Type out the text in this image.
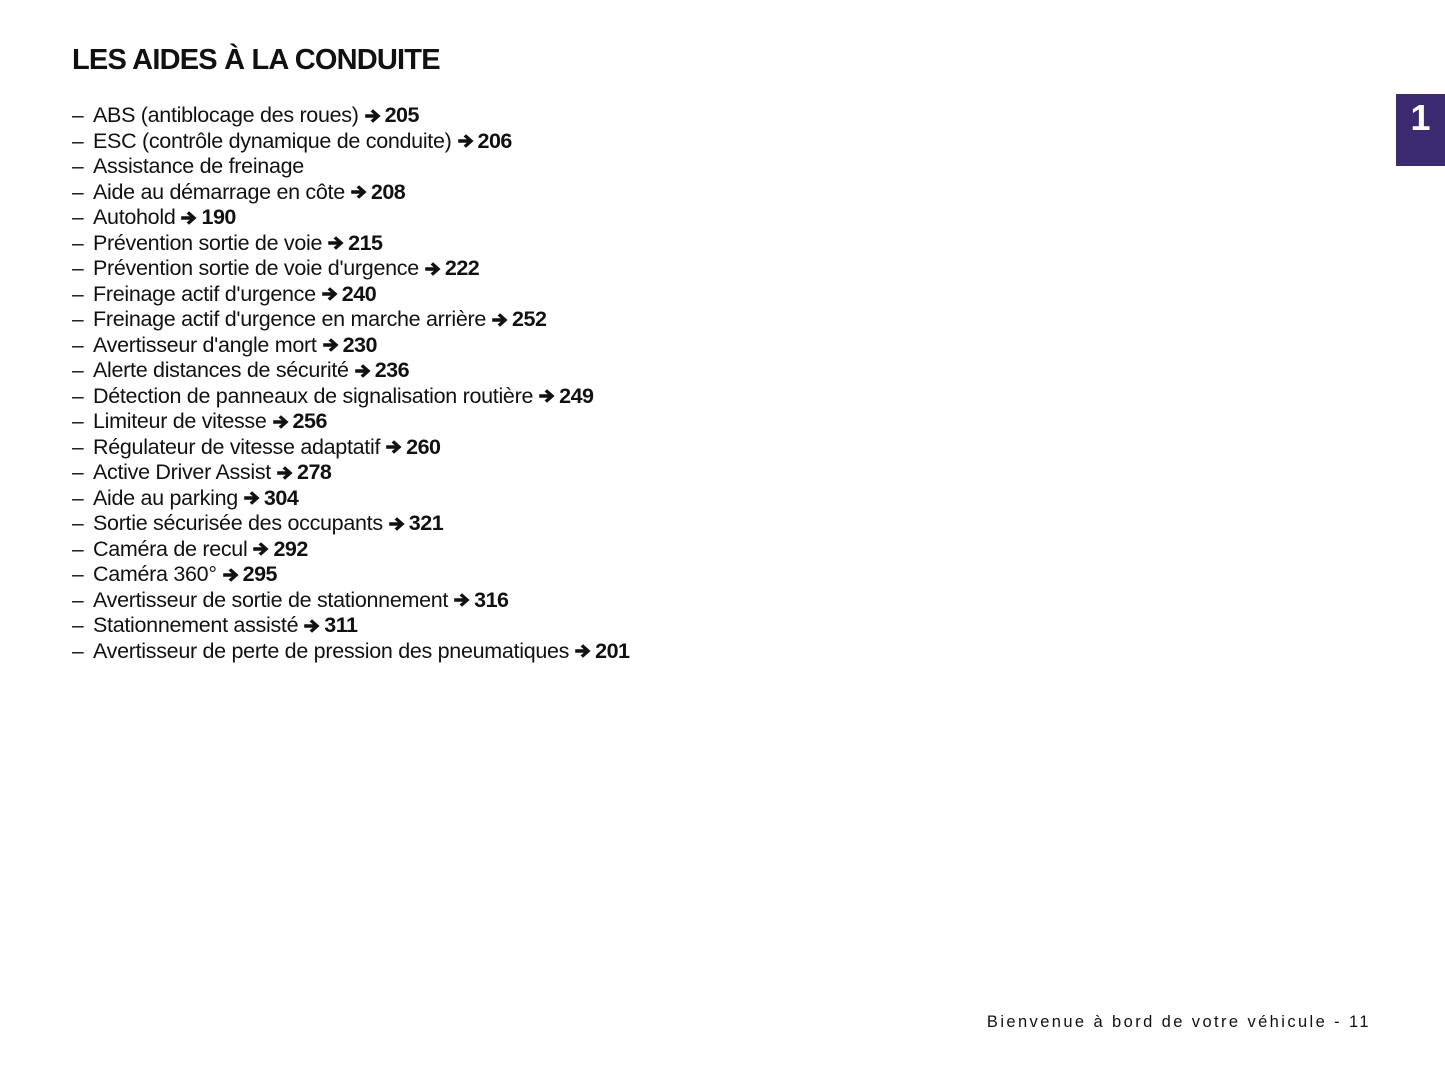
LES AIDES À LA CONDUITE
– ABS (antiblocage des roues) 205
– ESC (contrôle dynamique de conduite) 206
– Assistance de freinage
– Aide au démarrage en côte 208
– Autohold 190
– Prévention sortie de voie 215
– Prévention sortie de voie d'urgence 222
– Freinage actif d'urgence 240
– Freinage actif d'urgence en marche arrière 252
– Avertisseur d'angle mort 230
– Alerte distances de sécurité 236
– Détection de panneaux de signalisation routière 249
– Limiteur de vitesse 256
– Régulateur de vitesse adaptatif 260
– Active Driver Assist 278
– Aide au parking 304
– Sortie sécurisée des occupants 321
– Caméra de recul 292
– Caméra 360° 295
– Avertisseur de sortie de stationnement 316
– Stationnement assisté 311
– Avertisseur de perte de pression des pneumatiques 201
1
Bienvenue à bord de votre véhicule - 11
